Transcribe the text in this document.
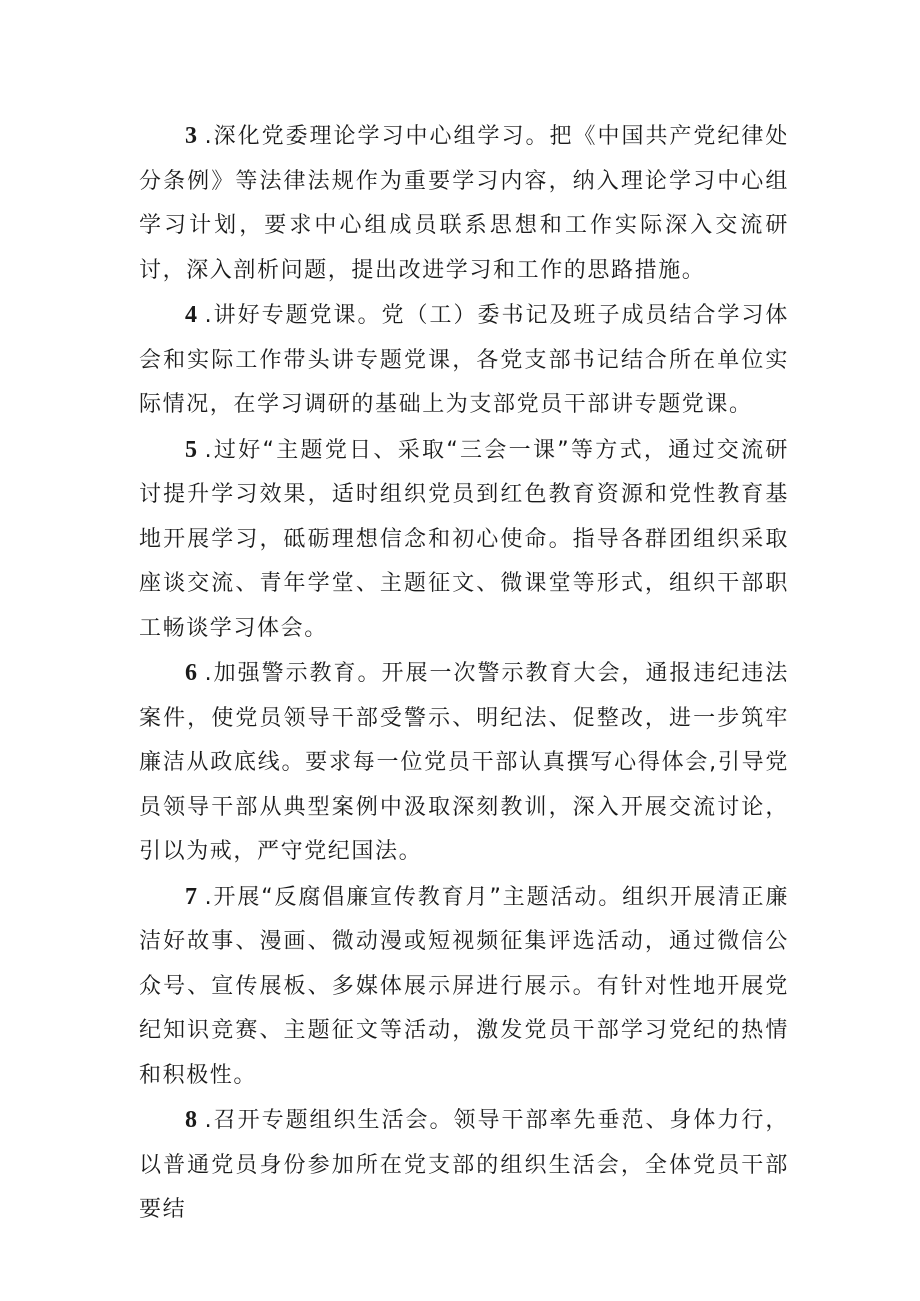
3 .深化党委理论学习中心组学习。把《中国共产党纪律处分条例》等法律法规作为重要学习内容，纳入理论学习中心组学习计划，要求中心组成员联系思想和工作实际深入交流研讨，深入剖析问题，提出改进学习和工作的思路措施。

4 .讲好专题党课。党（工）委书记及班子成员结合学习体会和实际工作带头讲专题党课，各党支部书记结合所在单位实际情况，在学习调研的基础上为支部党员干部讲专题党课。

5 .过好“主题党日、采取“三会一课”等方式，通过交流研讨提升学习效果，适时组织党员到红色教育资源和党性教育基地开展学习，砥砺理想信念和初心使命。指导各群团组织采取座谈交流、青年学堂、主题征文、微课堂等形式，组织干部职工畅谈学习体会。

6 .加强警示教育。开展一次警示教育大会，通报违纪违法案件，使党员领导干部受警示、明纪法、促整改，进一步筑牢廉洁从政底线。要求每一位党员干部认真撰写心得体会,引导党员领导干部从典型案例中汲取深刻教训，深入开展交流讨论，引以为戒，严守党纪国法。

7 .开展“反腐倡廉宣传教育月”主题活动。组织开展清正廉洁好故事、漫画、微动漫或短视频征集评选活动，通过微信公众号、宣传展板、多媒体展示屏进行展示。有针对性地开展党纪知识竞赛、主题征文等活动，激发党员干部学习党纪的热情和积极性。

8 .召开专题组织生活会。领导干部率先垂范、身体力行，以普通党员身份参加所在党支部的组织生活会，全体党员干部要结
